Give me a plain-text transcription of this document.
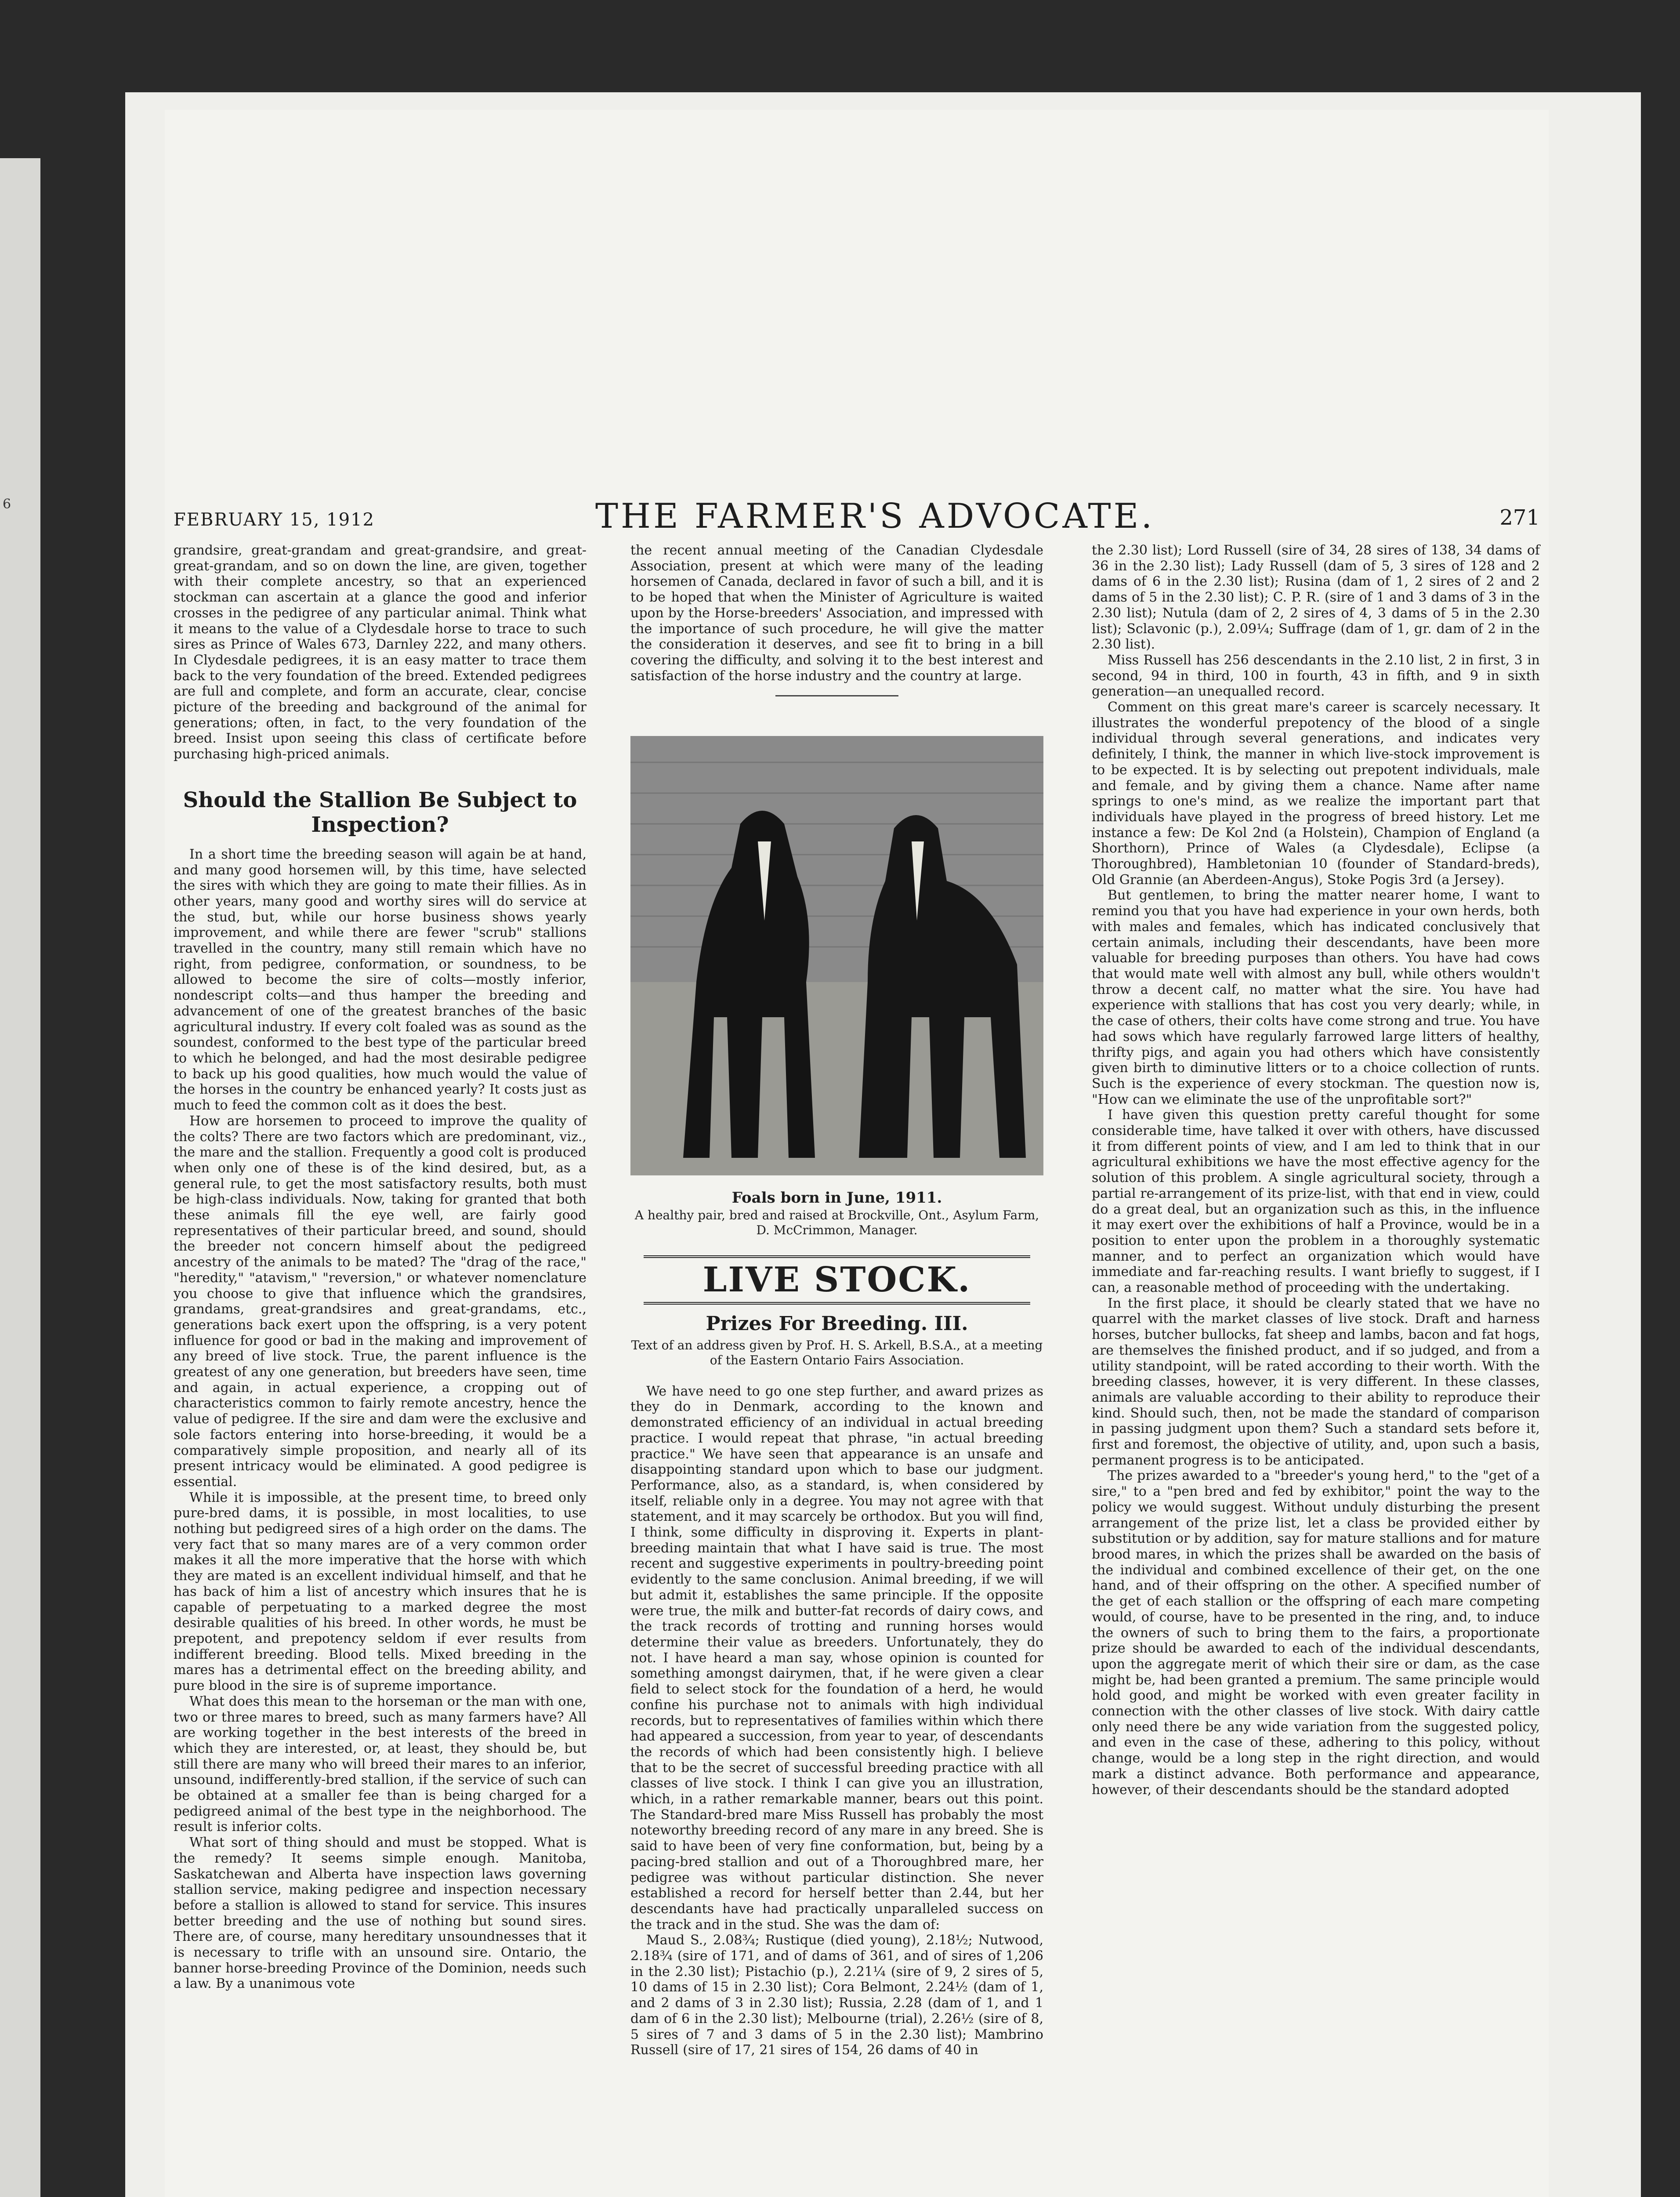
6
FEBRUARY 15, 1912	THE FARMER'S ADVOCATE.	271

grandsire, great-grandam and great-grandsire, and great-great-grandam, and so on down the line, are given, together with their complete ancestry, so that an experienced stockman can ascertain at a glance the good and inferior crosses in the pedigree of any particular animal. Think what it means to the value of a Clydesdale horse to trace to such sires as Prince of Wales 673, Darnley 222, and many others. In Clydesdale pedigrees, it is an easy matter to trace them back to the very foundation of the breed. Extended pedigrees are full and complete, and form an accurate, clear, concise picture of the breeding and background of the animal for generations; often, in fact, to the very foundation of the breed. Insist upon seeing this class of certificate before purchasing high-priced animals.

Should the Stallion Be Subject to Inspection?

In a short time the breeding season will again be at hand, and many good horsemen will, by this time, have selected the sires with which they are going to mate their fillies. As in other years, many good and worthy sires will do service at the stud, but, while our horse business shows yearly improvement, and while there are fewer "scrub" stallions travelled in the country, many still remain which have no right, from pedigree, conformation, or soundness, to be allowed to become the sire of colts—mostly inferior, nondescript colts—and thus hamper the breeding and advancement of one of the greatest branches of the basic agricultural industry. If every colt foaled was as sound as the soundest, conformed to the best type of the particular breed to which he belonged, and had the most desirable pedigree to back up his good qualities, how much would the value of the horses in the country be enhanced yearly? It costs just as much to feed the common colt as it does the best.

How are horsemen to proceed to improve the quality of the colts? There are two factors which are predominant, viz., the mare and the stallion. Frequently a good colt is produced when only one of these is of the kind desired, but, as a general rule, to get the most satisfactory results, both must be high-class individuals. Now, taking for granted that both these animals fill the eye well, are fairly good representatives of their particular breed, and sound, should the breeder not concern himself about the pedigreed ancestry of the animals to be mated? The "drag of the race," "heredity," "atavism," "reversion," or whatever nomenclature you choose to give that influence which the grandsires, grandams, great-grandsires and great-grandams, etc., generations back exert upon the offspring, is a very potent influence for good or bad in the making and improvement of any breed of live stock. True, the parent influence is the greatest of any one generation, but breeders have seen, time and again, in actual experience, a cropping out of characteristics common to fairly remote ancestry, hence the value of pedigree. If the sire and dam were the exclusive and sole factors entering into horse-breeding, it would be a comparatively simple proposition, and nearly all of its present intricacy would be eliminated. A good pedigree is essential.

While it is impossible, at the present time, to breed only pure-bred dams, it is possible, in most localities, to use nothing but pedigreed sires of a high order on the dams. The very fact that so many mares are of a very common order makes it all the more imperative that the horse with which they are mated is an excellent individual himself, and that he has back of him a list of ancestry which insures that he is capable of perpetuating to a marked degree the most desirable qualities of his breed. In other words, he must be prepotent, and prepotency seldom if ever results from indifferent breeding. Blood tells. Mixed breeding in the mares has a detrimental effect on the breeding ability, and pure blood in the sire is of supreme importance.

What does this mean to the horseman or the man with one, two or three mares to breed, such as many farmers have? All are working together in the best interests of the breed in which they are interested, or, at least, they should be, but still there are many who will breed their mares to an inferior, unsound, indifferently-bred stallion, if the service of such can be obtained at a smaller fee than is being charged for a pedigreed animal of the best type in the neighborhood. The result is inferior colts.

What sort of thing should and must be stopped. What is the remedy? It seems simple enough. Manitoba, Saskatchewan and Alberta have inspection laws governing stallion service, making pedigree and inspection necessary before a stallion is allowed to stand for service. This insures better breeding and the use of nothing but sound sires. There are, of course, many hereditary unsoundnesses that it is necessary to trifle with an unsound sire. Ontario, the banner horse-breeding Province of the Dominion, needs such a law. By a unanimous vote

the recent annual meeting of the Canadian Clydesdale Association, present at which were many of the leading horsemen of Canada, declared in favor of such a bill, and it is to be hoped that when the Minister of Agriculture is waited upon by the Horse-breeders' Association, and impressed with the importance of such procedure, he will give the matter the consideration it deserves, and see fit to bring in a bill covering the difficulty, and solving it to the best interest and satisfaction of the horse industry and the country at large.

Foals born in June, 1911.
A healthy pair, bred and raised at Brockville, Ont., Asylum Farm, D. McCrimmon, Manager.
LIVE STOCK.
Prizes For Breeding. III.
Text of an address given by Prof. H. S. Arkell, B.S.A., at a meeting of the Eastern Ontario Fairs Association.

We have need to go one step further, and award prizes as they do in Denmark, according to the known and demonstrated efficiency of an individual in actual breeding practice. I would repeat that phrase, "in actual breeding practice." We have seen that appearance is an unsafe and disappointing standard upon which to base our judgment. Performance, also, as a standard, is, when considered by itself, reliable only in a degree. You may not agree with that statement, and it may scarcely be orthodox. But you will find, I think, some difficulty in disproving it. Experts in plant-breeding maintain that what I have said is true. The most recent and suggestive experiments in poultry-breeding point evidently to the same conclusion. Animal breeding, if we will but admit it, establishes the same principle. If the opposite were true, the milk and butter-fat records of dairy cows, and the track records of trotting and running horses would determine their value as breeders. Unfortunately, they do not. I have heard a man say, whose opinion is counted for something amongst dairymen, that, if he were given a clear field to select stock for the foundation of a herd, he would confine his purchase not to animals with high individual records, but to representatives of families within which there had appeared a succession, from year to year, of descendants the records of which had been consistently high. I believe that to be the secret of successful breeding practice with all classes of live stock. I think I can give you an illustration, which, in a rather remarkable manner, bears out this point. The Standard-bred mare Miss Russell has probably the most noteworthy breeding record of any mare in any breed. She is said to have been of very fine conformation, but, being by a pacing-bred stallion and out of a Thoroughbred mare, her pedigree was without particular distinction. She never established a record for herself better than 2.44, but her descendants have had practically unparalleled success on the track and in the stud. She was the dam of:

Maud S., 2.08¾; Rustique (died young), 2.18½; Nutwood, 2.18¾ (sire of 171, and of dams of 361, and of sires of 1,206 in the 2.30 list); Pistachio (p.), 2.21¼ (sire of 9, 2 sires of 5, 10 dams of 15 in 2.30 list); Cora Belmont, 2.24½ (dam of 1, and 2 dams of 3 in 2.30 list); Russia, 2.28 (dam of 1, and 1 dam of 6 in the 2.30 list); Melbourne (trial), 2.26½ (sire of 8, 5 sires of 7 and 3 dams of 5 in the 2.30 list); Mambrino Russell (sire of 17, 21 sires of 154, 26 dams of 40 in

the 2.30 list); Lord Russell (sire of 34, 28 sires of 138, 34 dams of 36 in the 2.30 list); Lady Russell (dam of 5, 3 sires of 128 and 2 dams of 6 in the 2.30 list); Rusina (dam of 1, 2 sires of 2 and 2 dams of 5 in the 2.30 list); C. P. R. (sire of 1 and 3 dams of 3 in the 2.30 list); Nutula (dam of 2, 2 sires of 4, 3 dams of 5 in the 2.30 list); Sclavonic (p.), 2.09¼; Suffrage (dam of 1, gr. dam of 2 in the 2.30 list).

Miss Russell has 256 descendants in the 2.10 list, 2 in first, 3 in second, 94 in third, 100 in fourth, 43 in fifth, and 9 in sixth generation—an unequalled record.

Comment on this great mare's career is scarcely necessary. It illustrates the wonderful prepotency of the blood of a single individual through several generations, and indicates very definitely, I think, the manner in which live-stock improvement is to be expected. It is by selecting out prepotent individuals, male and female, and by giving them a chance. Name after name springs to one's mind, as we realize the important part that individuals have played in the progress of breed history. Let me instance a few: De Kol 2nd (a Holstein), Champion of England (a Shorthorn), Prince of Wales (a Clydesdale), Eclipse (a Thoroughbred), Hambletonian 10 (founder of Standard-breds), Old Grannie (an Aberdeen-Angus), Stoke Pogis 3rd (a Jersey).

But gentlemen, to bring the matter nearer home, I want to remind you that you have had experience in your own herds, both with males and females, which has indicated conclusively that certain animals, including their descendants, have been more valuable for breeding purposes than others. You have had cows that would mate well with almost any bull, while others wouldn't throw a decent calf, no matter what the sire. You have had experience with stallions that has cost you very dearly; while, in the case of others, their colts have come strong and true. You have had sows which have regularly farrowed large litters of healthy, thrifty pigs, and again you had others which have consistently given birth to diminutive litters or to a choice collection of runts. Such is the experience of every stockman. The question now is, "How can we eliminate the use of the unprofitable sort?"

I have given this question pretty careful thought for some considerable time, have talked it over with others, have discussed it from different points of view, and I am led to think that in our agricultural exhibitions we have the most effective agency for the solution of this problem. A single agricultural society, through a partial re-arrangement of its prize-list, with that end in view, could do a great deal, but an organization such as this, in the influence it may exert over the exhibitions of half a Province, would be in a position to enter upon the problem in a thoroughly systematic manner, and to perfect an organization which would have immediate and far-reaching results. I want briefly to suggest, if I can, a reasonable method of proceeding with the undertaking.

In the first place, it should be clearly stated that we have no quarrel with the market classes of live stock. Draft and harness horses, butcher bullocks, fat sheep and lambs, bacon and fat hogs, are themselves the finished product, and if so judged, and from a utility standpoint, will be rated according to their worth. With the breeding classes, however, it is very different. In these classes, animals are valuable according to their ability to reproduce their kind. Should such, then, not be made the standard of comparison in passing judgment upon them? Such a standard sets before it, first and foremost, the objective of utility, and, upon such a basis, permanent progress is to be anticipated.

The prizes awarded to a "breeder's young herd," to the "get of a sire," to a "pen bred and fed by exhibitor," point the way to the policy we would suggest. Without unduly disturbing the present arrangement of the prize list, let a class be provided either by substitution or by addition, say for mature stallions and for mature brood mares, in which the prizes shall be awarded on the basis of the individual and combined excellence of their get, on the one hand, and of their offspring on the other. A specified number of the get of each stallion or the offspring of each mare competing would, of course, have to be presented in the ring, and, to induce the owners of such to bring them to the fairs, a proportionate prize should be awarded to each of the individual descendants, upon the aggregate merit of which their sire or dam, as the case might be, had been granted a premium. The same principle would hold good, and might be worked with even greater facility in connection with the other classes of live stock. With dairy cattle only need there be any wide variation from the suggested policy, and even in the case of these, adhering to this policy, without change, would be a long step in the right direction, and would mark a distinct advance. Both performance and appearance, however, of their descendants should be the standard adopted
